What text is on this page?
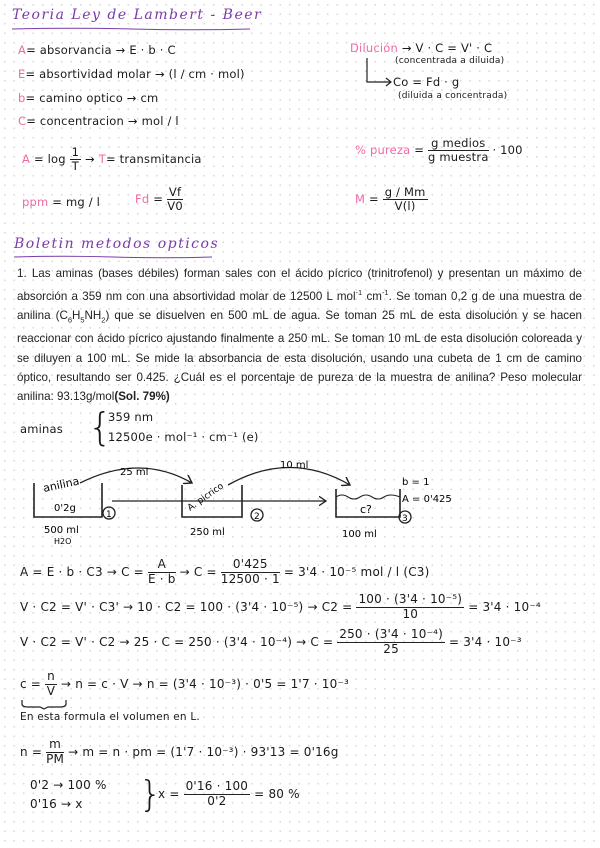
Teoria Ley de Lambert - Beer
A= absorvancia → E · b · C
E= absortividad molar → (l / cm · mol)
b= camino optico → cm
C= concentracion → mol / l
$A = \log \frac{1}{T} \to T=$ transmitancia
ppm = mg / l	$Fd = \frac{Vf}{V0}$
Dilución → V · C = V' · C
(concentrada a diluida)
Co = Fd · g
(diluida a concentrada)
% pureza = $\frac{\text{g medios}}{\text{g muestra}} \cdot 100$
$M = \frac{g / Mm}{V(l)}$
Boletin metodos opticos
1. Las aminas (bases débiles) forman sales con el ácido pícrico (trinitrofenol) y presentan un máximo de absorción a 359 nm con una absortividad molar de 12500 L mol$^{-1}$ $cm^{-1}$. Se toman 0,2 g de una muestra de anilina $(C_6H_5NH_2)$ que se disuelven en 500 mL de agua. Se toman 25 mL de esta disolución y se hacen reaccionar con ácido pícrico ajustando finalmente a 250 mL. Se toman 10 mL de esta disolución coloreada y se diluyen a 100 mL. Se mide la absorbancia de esta disolución, usando una cubeta de 1 cm de camino óptico, resultando ser 0.425. ¿Cuál es el porcentaje de pureza de la muestra de anilina? Peso molecular anilina: 93.13g/mol(Sol. 79%)
aminas {
359 nm
12500e · mol⁻¹ · cm⁻¹ (e)
anilina
0'2g
1
500 ml
H2O
25 ml
A. picrico
2
250 ml
10 ml
c?
3
100 ml
b = 1
A = 0'425
$A = E \cdot b \cdot C3 \to C = \frac{A}{E \cdot b} \to C = \frac{0'425}{12500 \cdot 1} = 3'4 \cdot 10^{-5}$ mol / l (C3)
$V \cdot C2 = V' \cdot C3' \to 10 \cdot C2 = 100 \cdot (3'4 \cdot 10^{-5}) \to C2 = \frac{\text{100 · (3'4 · 10⁻⁵)}}{10} = 3'4 \cdot 10^{-4}$
$V \cdot C2 = V' \cdot C2 \to 25 \cdot C = 250 \cdot (3'4 \cdot 10^{-4}) \to C = \frac{\text{250 · (3'4 · 10⁻⁴)}}{25} = 3'4 \cdot 10^{-3}$
$c = \frac{n}{V} \to n = c \cdot V \to n = (3'4 \cdot 10^{-3}) \cdot 0'5 = 1'7 \cdot 10^{-3}$
En esta formula el volumen en L.
$n = \frac{m}{PM} \to m = n$ · pm = (1'7 · 10⁻³) · 93'13 = 0'16g
0'2 → 100 %
0'16 → x }
$x = \frac{0'16 \cdot 100}{0'2} = 80$ %
